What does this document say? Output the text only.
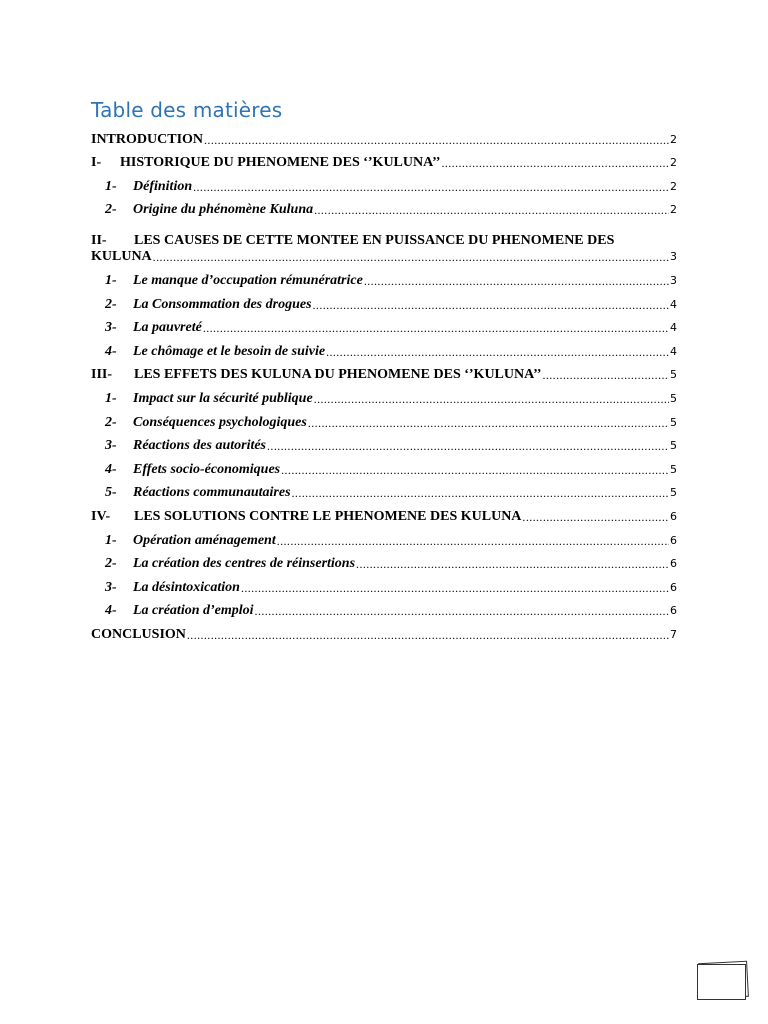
Table des matières
INTRODUCTION .....	2
I-	HISTORIQUE DU PHENOMENE DES ‘’KULUNA’’ .....	2
1-	Définition .....	2
2-	Origine du phénomène Kuluna .....	2
II-	LES CAUSES DE CETTE MONTEE EN PUISSANCE DU PHENOMENE DES
KULUNA .....	3
1-	Le manque d’occupation rémunératrice .....	3
2-	La Consommation des drogues .....	4
3-	La pauvreté .....	4
4-	Le chômage et le besoin de suivie .....	4
III-	LES EFFETS DES KULUNA DU PHENOMENE DES ‘’KULUNA’’ .....	5
1-	Impact sur la sécurité publique .....	5
2-	Conséquences psychologiques .....	5
3-	Réactions des autorités .....	5
4-	Effets socio-économiques .....	5
5-	Réactions communautaires .....	5
IV-	LES SOLUTIONS CONTRE LE PHENOMENE DES KULUNA .....	6
1-	Opération aménagement .....	6
2-	La création des centres de réinsertions .....	6
3-	La désintoxication .....	6
4-	La création d’emploi .....	6
CONCLUSION .....	7
